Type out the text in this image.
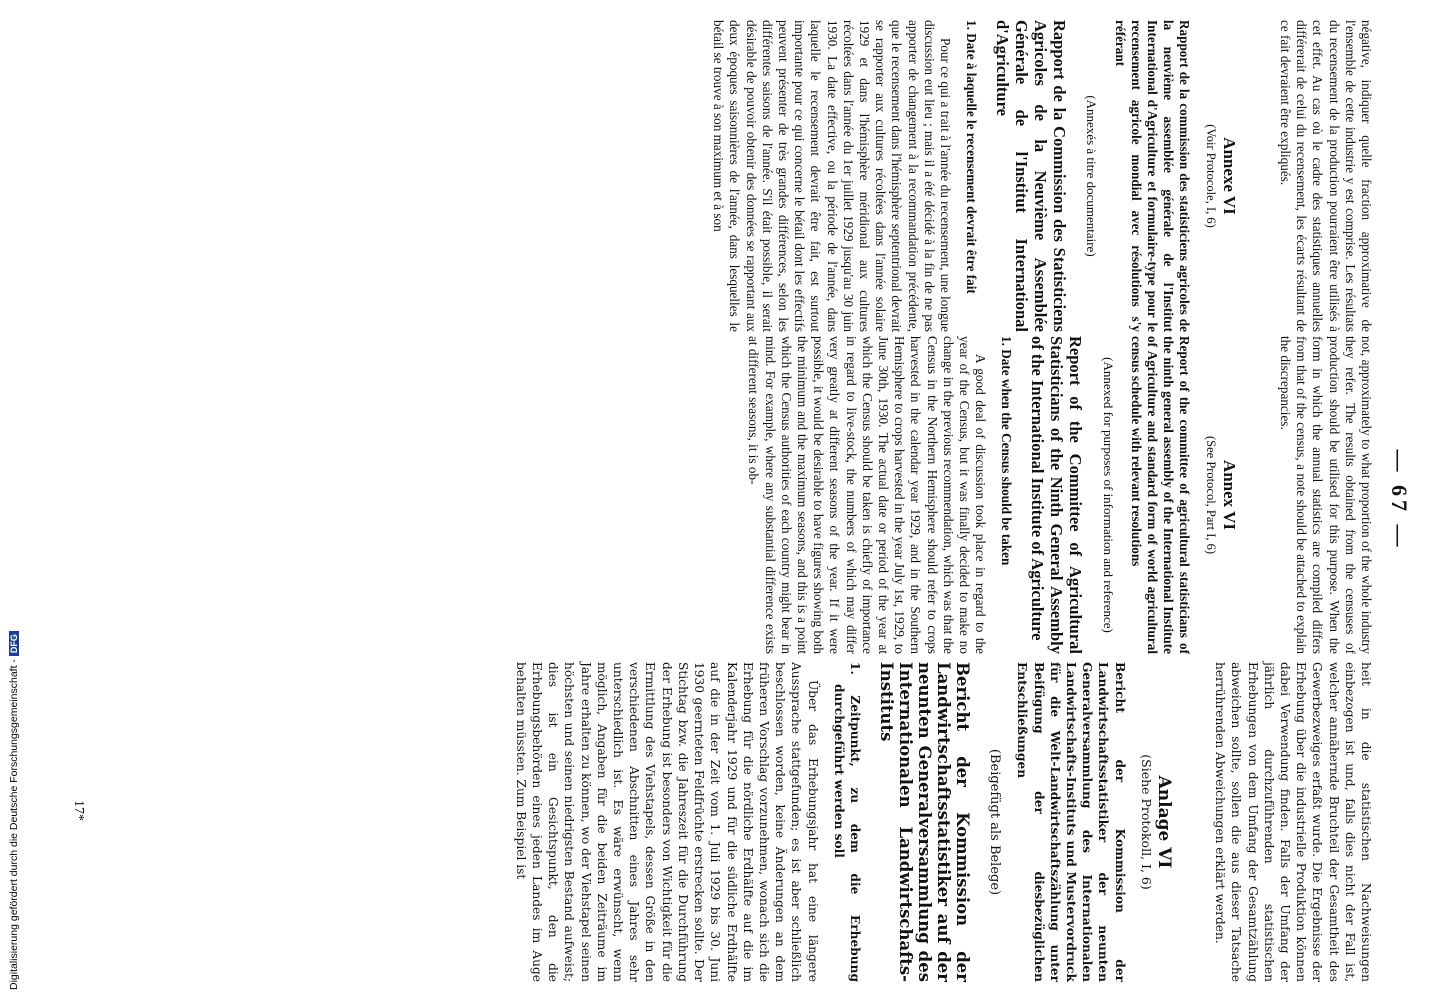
— 67 —

négative, indiquer quelle fraction approximative de l'ensemble de cette industrie y est comprise. Les résultats du recensement de la production pourraient être utilisés à cet effet. Au cas où le cadre des statistiques annuelles différerait de celui du recensement, les écarts résultant de ce fait devraient être expliqués.

Annexe VI
(Voir Protocole, I, 6)

Rapport de la commission des statisticiens agricoles de la neuvième assemblée générale de l'Institut International d'Agriculture et formulaire-type pour le recensement agricole mondial avec résolutions s'y référant

(Annexés à titre documentaire)

Rapport de la Commission des Statisticiens Agricoles de la Neuvième Assemblée Générale de l'Institut International d'Agriculture

1. Date à laquelle le recensement devrait être fait

Pour ce qui a trait à l'année du recensement, une longue discussion eut lieu ; mais il a été décidé à la fin de ne pas apporter de changement à la recommandation précédente, que le recensement dans l'hémisphère septentrional devrait se rapporter aux cultures récoltées dans l'année solaire 1929 et dans l'hémisphère méridional aux cultures récoltées dans l'année du 1er juillet 1929 jusqu'au 30 juin 1930. La date effective, ou la période de l'année, dans laquelle le recensement devrait être fait, est surtout importante pour ce qui concerne le bétail dont les effectifs peuvent présenter de très grandes différences, selon les différentes saisons de l'année. S'il était possible, il serait désirable de pouvoir obtenir des données se rapportant aux deux époques saisonnières de l'année, dans lesquelles le bétail se trouve à son maximum et à son

not, approximately to what proportion of the whole industry they refer. The results obtained from the censuses of production should be utilised for this purpose. When the form in which the annual statistics are compiled differs from that of the census, a note should be attached to explain the discrepancies.

Annex VI
(See Protocol, Part I, 6)

Report of the committee of agricultural statisticians of the ninth general assembly of the International Institute of Agriculture and standard form of world agricultural census schedule with relevant resolutions

(Annexed for purposes of information and reference)

Report of the Committee of Agricultural Statisticians of the Ninth General Assembly of the International Institute of Agriculture

1. Date when the Census should be taken

A good deal of discussion took place in regard to the year of the Census, but it was finally decided to make no change in the previous recommendation, which was that the Census in the Northern Hemisphere should refer to crops harvested in the calendar year 1929, and in the Southern Hemisphere to crops harvested in the year July 1st, 1929, to June 30th, 1930. The actual date or period of the year at which the Census should be taken is chiefly of importance in regard to live-stock, the numbers of which may differ very greatly at different seasons of the year. If it were possible, it would be desirable to have figures showing both the minimum and the maximum seasons, and this is a point which the Census authorities of each country might bear in mind. For example, where any substantial difference exists at different seasons, it is ob-

heit in die statistischen Nachweisungen einbezogen ist und, falls dies nicht der Fall ist, welcher annähernde Bruchteil der Gesamtheit des Gewerbezweiges erfaßt wurde. Die Ergebnisse der Erhebung über die industrielle Produktion können dabei Verwendung finden. Falls der Umfang der jährlich durchzuführenden statistischen Erhebungen von dem Umfang der Gesamtzählung abweichen sollte, sollen die aus dieser Tatsache herrührenden Abweichungen erklärt werden.

Anlage VI
(Siehe Protokoll, I, 6)

Bericht der Kommission der Landwirtschaftsstatistiker der neunten Generalversammlung des Internationalen Landwirtschafts-Instituts und Mustervordruck für die Welt-Landwirtschaftszählung unter Beifügung der diesbezüglichen Entschließungen

(Beigefügt als Belege)

Bericht der Kommission der Landwirtschaftsstatistiker auf der neunten Generalversammlung des Internationalen Landwirtschafts-Instituts

1. Zeitpunkt, zu dem die Erhebung durchgeführt werden soll

Über das Erhebungsjahr hat eine längere Aussprache stattgefunden; es ist aber schließlich beschlossen worden, keine Änderungen an dem früheren Vorschlag vorzunehmen, wonach sich die Erhebung für die nördliche Erdhälfte auf die im Kalenderjahr 1929 und für die südliche Erdhälfte auf die in der Zeit vom 1. Juli 1929 bis 30. Juni 1930 geernteten Feldfrüchte erstrecken sollte. Der Stichtag bzw. die Jahreszeit für die Durchführung der Erhebung ist besonders von Wichtigkeit für die Ermittlung des Viehstapels, dessen Größe in den verschiedenen Abschnitten eines Jahres sehr unterschiedlich ist. Es wäre erwünscht, wenn möglich, Angaben für die beiden Zeiträume im Jahre erhalten zu können, wo der Viehstapel seinen höchsten und seinen niedrigsten Bestand aufweist; dies ist ein Gesichtspunkt, den die Erhebungsbehörden eines jeden Landes im Auge behalten müssten. Zum Beispiel ist

17*
Digitalisierung gefördert durch die Deutsche Forschungsgemeinschaft -DFG
